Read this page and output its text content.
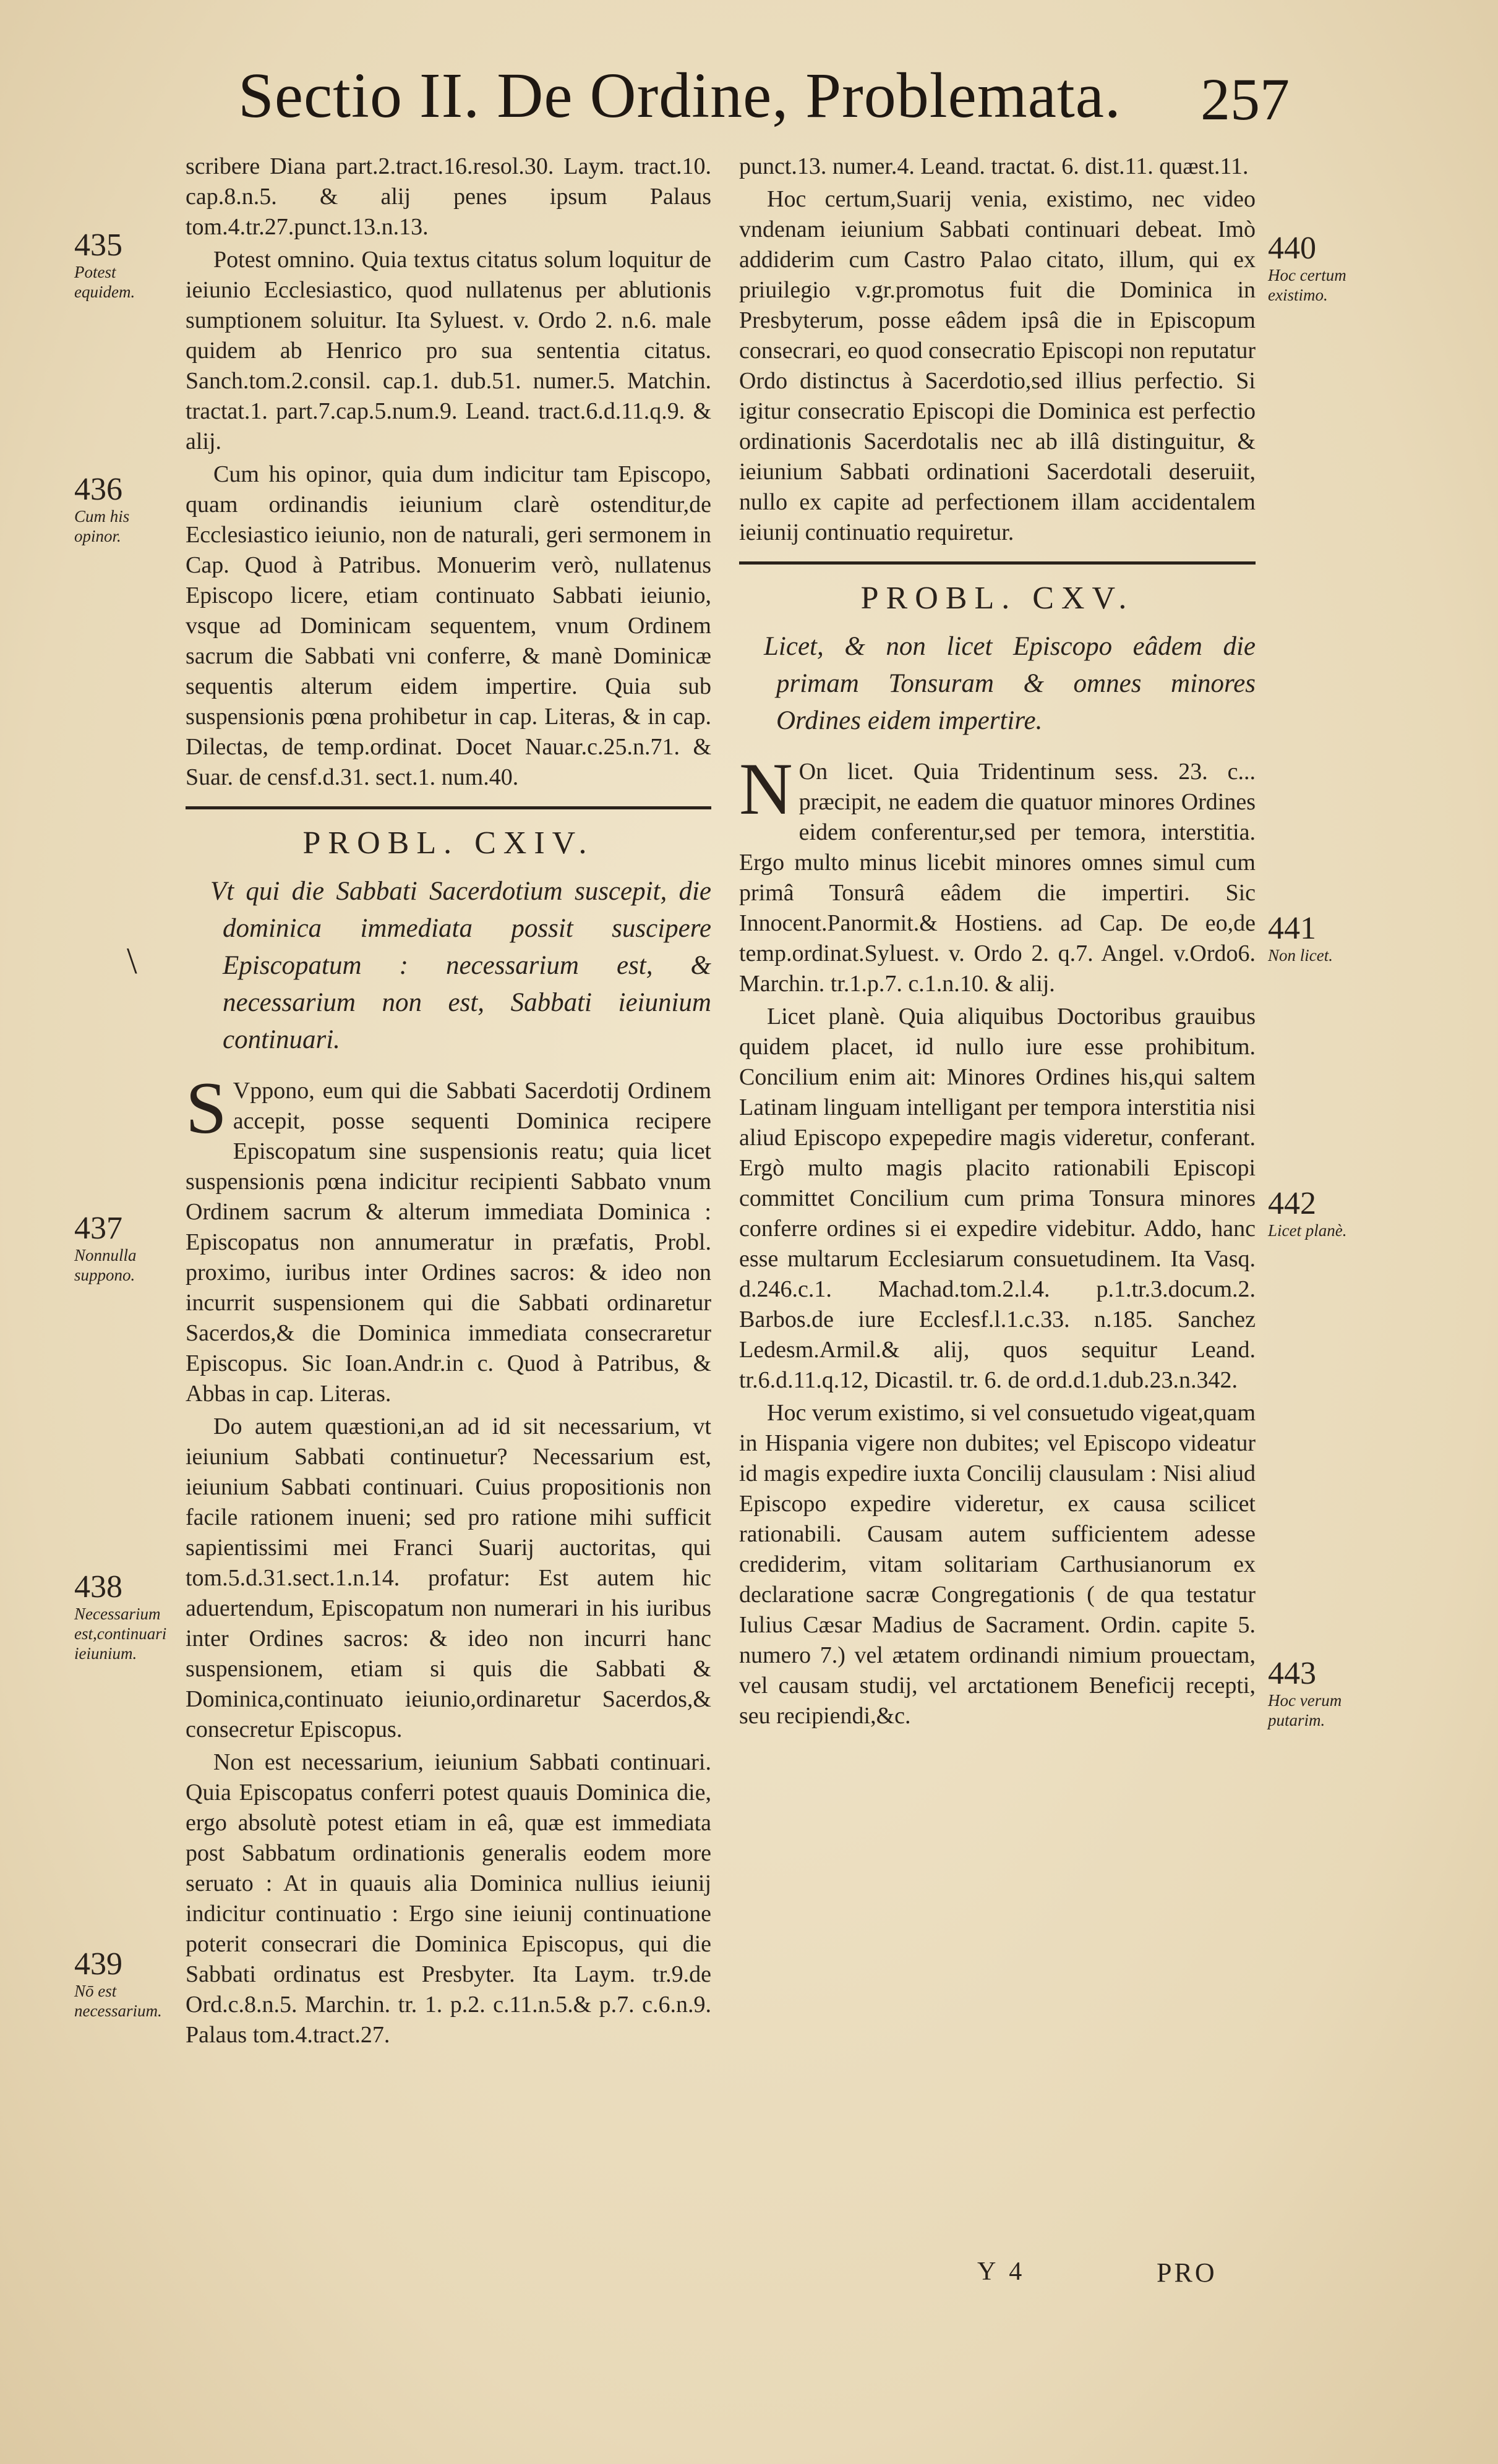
Sectio II. De Ordine, Problemata. 257

scribere Diana part.2.tract.16.resol.30. Laym. tract.10. cap.8.n.5. & alij penes ipsum Palaus tom.4.tr.27.punct.13.n.13.

Potest omnino. Quia textus citatus solum loquitur de ieiunio Ecclesiastico, quod nullatenus per ablutionis sumptionem soluitur. Ita Syluest. v. Ordo 2. n.6. male quidem ab Henrico pro sua sententia citatus. Sanch.tom.2.consil. cap.1. dub.51. numer.5. Matchin. tractat.1. part.7.cap.5.num.9. Leand. tract.6.d.11.q.9. & alij.

Cum his opinor, quia dum indicitur tam Episcopo, quam ordinandis ieiunium clarè ostenditur,de Ecclesiastico ieiunio, non de naturali, geri sermonem in Cap. Quod à Patribus. Monuerim verò, nullatenus Episcopo licere, etiam continuato Sabbati ieiunio, vsque ad Dominicam sequentem, vnum Ordinem sacrum die Sabbati vni conferre, & manè Dominicæ sequentis alterum eidem impertire. Quia sub suspensionis pœna prohibetur in cap. Literas, & in cap. Dilectas, de temp.ordinat. Docet Nauar.c.25.n.71. & Suar. de censf.d.31. sect.1. num.40.

PROBL. CXIV.
Vt qui die Sabbati Sacerdotium suscepit, die dominica immediata possit suscipere Episcopatum : necessarium est, & necessarium non est, Sabbati ieiunium continuari.

S Vppono, eum qui die Sabbati Sacerdotij Ordinem accepit, posse sequenti Dominica recipere Episcopatum sine suspensionis reatu; quia licet suspensionis pœna indicitur recipienti Sabbato vnum Ordinem sacrum & alterum immediata Dominica : Episcopatus non annumeratur in præfatis, Probl. proximo, iuribus inter Ordines sacros: & ideo non incurrit suspensionem qui die Sabbati ordinaretur Sacerdos,& die Dominica immediata consecraretur Episcopus. Sic Ioan.Andr.in c. Quod à Patribus, & Abbas in cap. Literas.

Do autem quæstioni,an ad id sit necessarium, vt ieiunium Sabbati continuetur? Necessarium est, ieiunium Sabbati continuari. Cuius propositionis non facile rationem inueni; sed pro ratione mihi sufficit sapientissimi mei Franci Suarij auctoritas, qui tom.5.d.31.sect.1.n.14. profatur: Est autem hic aduertendum, Episcopatum non numerari in his iuribus inter Ordines sacros: & ideo non incurri hanc suspensionem, etiam si quis die Sabbati & Dominica,continuato ieiunio,ordinaretur Sacerdos,& consecretur Episcopus.

Non est necessarium, ieiunium Sabbati continuari. Quia Episcopatus conferri potest quauis Dominica die, ergo absolutè potest etiam in eâ, quæ est immediata post Sabbatum ordinationis generalis eodem more seruato : At in quauis alia Dominica nullius ieiunij indicitur continuatio : Ergo sine ieiunij continuatione poterit consecrari die Dominica Episcopus, qui die Sabbati ordinatus est Presbyter. Ita Laym. tr.9.de Ord.c.8.n.5. Marchin. tr. 1. p.2. c.11.n.5.& p.7. c.6.n.9. Palaus tom.4.tract.27.

punct.13. numer.4. Leand. tractat. 6. dist.11. quæst.11.

Hoc certum,Suarij venia, existimo, nec video vndenam ieiunium Sabbati continuari debeat. Imò addiderim cum Castro Palao citato, illum, qui ex priuilegio v.gr.promotus fuit die Dominica in Presbyterum, posse eâdem ipsâ die in Episcopum consecrari, eo quod consecratio Episcopi non reputatur Ordo distinctus à Sacerdotio,sed illius perfectio. Si igitur consecratio Episcopi die Dominica est perfectio ordinationis Sacerdotalis nec ab illâ distinguitur, & ieiunium Sabbati ordinationi Sacerdotali deseruiit, nullo ex capite ad perfectionem illam accidentalem ieiunij continuatio requiretur.

PROBL. CXV.
Licet, & non licet Episcopo eâdem die primam Tonsuram & omnes minores Ordines eidem impertire.

N On licet. Quia Tridentinum sess. 23. c... præcipit, ne eadem die quatuor minores Ordines eidem conferentur,sed per temora, interstitia. Ergo multo minus licebit minores omnes simul cum primâ Tonsurâ eâdem die impertiri. Sic Innocent.Panormit.& Hostiens. ad Cap. De eo,de temp.ordinat.Syluest. v. Ordo 2. q.7. Angel. v.Ordo6. Marchin. tr.1.p.7. c.1.n.10. & alij.

Licet planè. Quia aliquibus Doctoribus grauibus quidem placet, id nullo iure esse prohibitum. Concilium enim ait: Minores Ordines his,qui saltem Latinam linguam intelligant per tempora interstitia nisi aliud Episcopo expepedire magis videretur, conferant. Ergò multo magis placito rationabili Episcopi committet Concilium cum prima Tonsura minores conferre ordines si ei expedire videbitur. Addo, hanc esse multarum Ecclesiarum consuetudinem. Ita Vasq. d.246.c.1. Machad.tom.2.l.4. p.1.tr.3.docum.2. Barbos.de iure Ecclesf.l.1.c.33. n.185. Sanchez Ledesm.Armil.& alij, quos sequitur Leand. tr.6.d.11.q.12, Dicastil. tr. 6. de ord.d.1.dub.23.n.342.

Hoc verum existimo, si vel consuetudo vigeat,quam in Hispania vigere non dubites; vel Episcopo videatur id magis expedire iuxta Concilij clausulam : Nisi aliud Episcopo expedire videretur, ex causa scilicet rationabili. Causam autem sufficientem adesse crediderim, vitam solitariam Carthusianorum ex declaratione sacræ Congregationis ( de qua testatur Iulius Cæsar Madius de Sacrament. Ordin. capite 5. numero 7.) vel ætatem ordinandi nimium prouectam, vel causam studij, vel arctationem Beneficij recepti, seu recipiendi,&c.

435
Potest equidem.
436
Cum his opinor.
437
Nonnulla suppono.
438
Necessarium est,continuari ieiunium.
439
Nō est necessarium.
440
Hoc certum existimo.
441
Non licet.
442
Licet planè.
443
Hoc verum putarim.
\
Y 4	PRO
